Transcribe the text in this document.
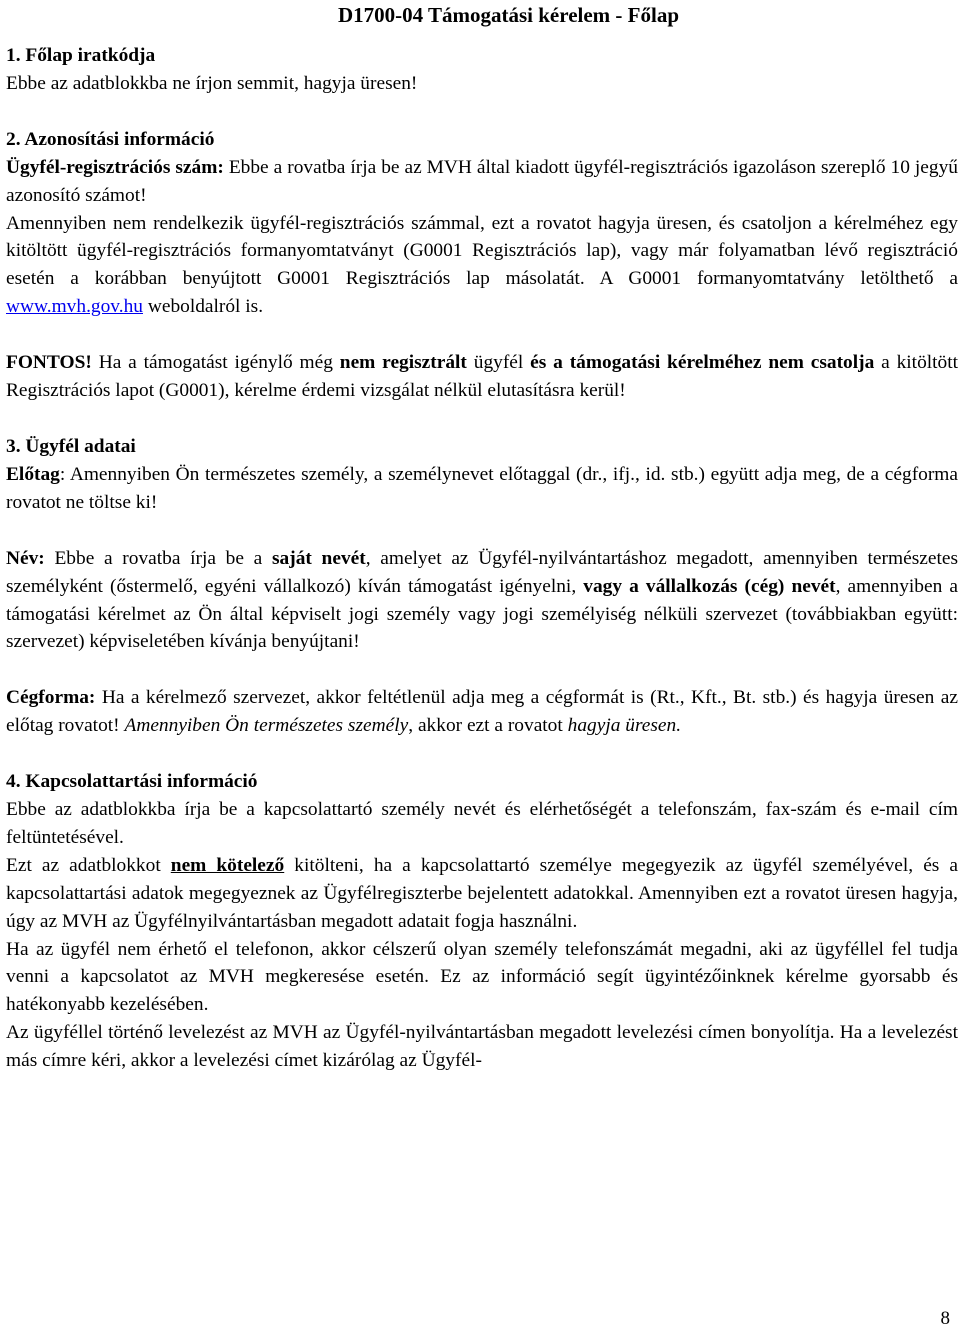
D1700-04 Támogatási kérelem - Főlap

1. Főlap iratkódja

Ebbe az adatblokkba ne írjon semmit, hagyja üresen!

2. Azonosítási információ

Ügyfél-regisztrációs szám: Ebbe a rovatba írja be az MVH által kiadott ügyfél-regisztrációs igazoláson szereplő 10 jegyű azonosító számot!

Amennyiben nem rendelkezik ügyfél-regisztrációs számmal, ezt a rovatot hagyja üresen, és csatoljon a kérelméhez egy kitöltött ügyfél-regisztrációs formanyomtatványt (G0001 Regisztrációs lap), vagy már folyamatban lévő regisztráció esetén a korábban benyújtott G0001 Regisztrációs lap másolatát. A G0001 formanyomtatvány letölthető a www.mvh.gov.hu weboldalról is.

FONTOS! Ha a támogatást igénylő még nem regisztrált ügyfél és a támogatási kérelméhez nem csatolja a kitöltött Regisztrációs lapot (G0001), kérelme érdemi vizsgálat nélkül elutasításra kerül!

3. Ügyfél adatai

Előtag: Amennyiben Ön természetes személy, a személynevet előtaggal (dr., ifj., id. stb.) együtt adja meg, de a cégforma rovatot ne töltse ki!

Név: Ebbe a rovatba írja be a saját nevét, amelyet az Ügyfél-nyilvántartáshoz megadott, amennyiben természetes személyként (őstermelő, egyéni vállalkozó) kíván támogatást igényelni, vagy a vállalkozás (cég) nevét, amennyiben a támogatási kérelmet az Ön által képviselt jogi személy vagy jogi személyiség nélküli szervezet (továbbiakban együtt: szervezet) képviseletében kívánja benyújtani!

Cégforma: Ha a kérelmező szervezet, akkor feltétlenül adja meg a cégformát is (Rt., Kft., Bt. stb.) és hagyja üresen az előtag rovatot! Amennyiben Ön természetes személy, akkor ezt a rovatot hagyja üresen.

4. Kapcsolattartási információ

Ebbe az adatblokkba írja be a kapcsolattartó személy nevét és elérhetőségét a telefonszám, fax-szám és e-mail cím feltüntetésével.

Ezt az adatblokkot nem kötelező kitölteni, ha a kapcsolattartó személye megegyezik az ügyfél személyével, és a kapcsolattartási adatok megegyeznek az Ügyfélregiszterbe bejelentett adatokkal. Amennyiben ezt a rovatot üresen hagyja, úgy az MVH az Ügyfélnyilvántartásban megadott adatait fogja használni.

Ha az ügyfél nem érhető el telefonon, akkor célszerű olyan személy telefonszámát megadni, aki az ügyféllel fel tudja venni a kapcsolatot az MVH megkeresése esetén. Ez az információ segít ügyintézőinknek kérelme gyorsabb és hatékonyabb kezelésében.

Az ügyféllel történő levelezést az MVH az Ügyfél-nyilvántartásban megadott levelezési címen bonyolítja. Ha a levelezést más címre kéri, akkor a levelezési címet kizárólag az Ügyfél-

8
